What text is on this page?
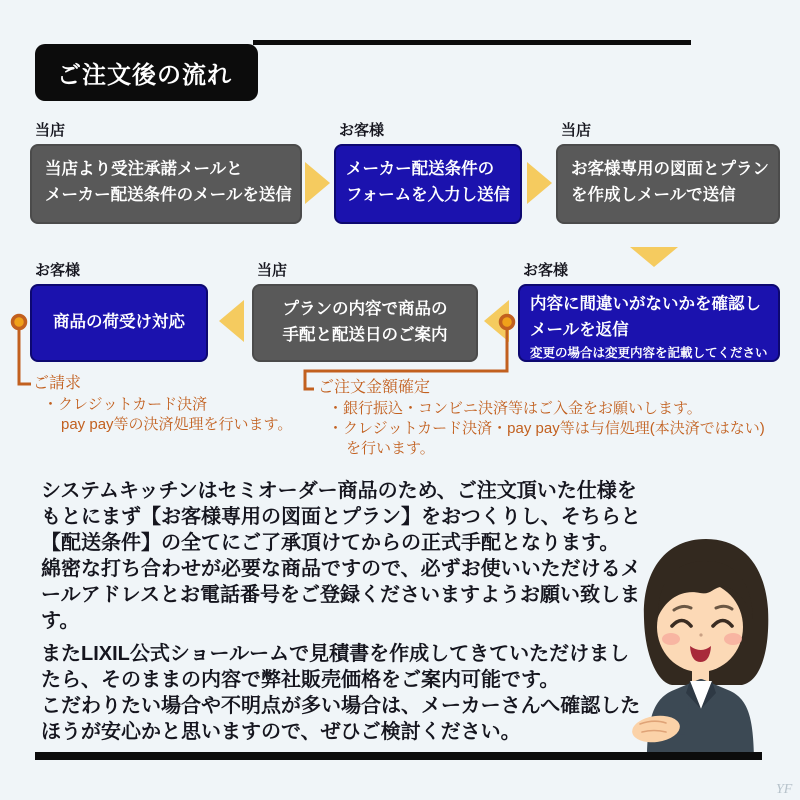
ご注文後の流れ
当店
当店より受注承諾メールと
メーカー配送条件のメールを送信
お客様
メーカー配送条件の
フォームを入力し送信
当店
お客様専用の図面とプラン
を作成しメールで送信
お客様
内容に間違いがないかを確認し
メールを返信
変更の場合は変更内容を記載してください
当店
プランの内容で商品の
手配と配送日のご案内
お客様
商品の荷受け対応
ご請求
・クレジットカード決済
pay pay等の決済処理を行います。
ご注文金額確定
・銀行振込・コンビニ決済等はご入金をお願いします。
・クレジットカード決済・pay pay等は与信処理(本決済ではない)
を行います。
システムキッチンはセミオーダー商品のため、ご注文頂いた仕様を
もとにまず【お客様専用の図面とプラン】をおつくりし、そちらと
【配送条件】の全てにご了承頂けてからの正式手配となります。
綿密な打ち合わせが必要な商品ですので、必ずお使いいただけるメ
ールアドレスとお電話番号をご登録くださいますようお願い致しま
す。
またLIXIL公式ショールームで見積書を作成してきていただけまし
たら、そのままの内容で弊社販売価格をご案内可能です。
こだわりたい場合や不明点が多い場合は、メーカーさんへ確認した
ほうが安心かと思いますので、ぜひご検討ください。
YF
